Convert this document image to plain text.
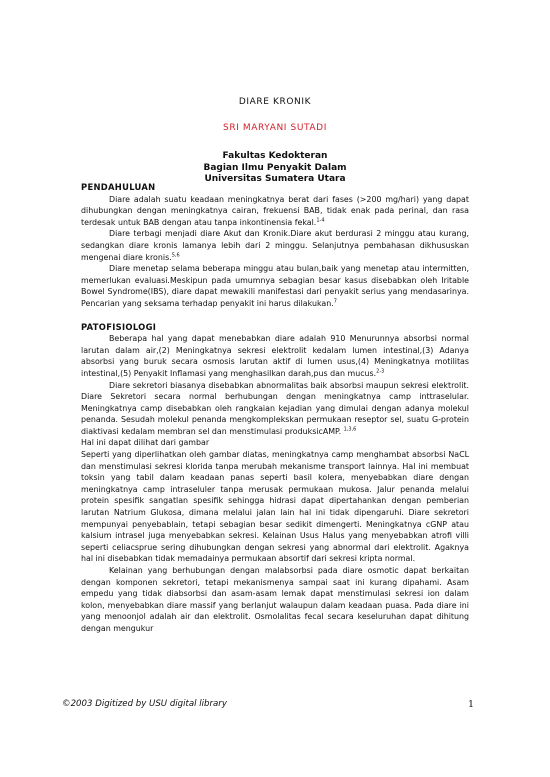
DIARE KRONIK
SRI MARYANI SUTADI
Fakultas Kedokteran
Bagian Ilmu Penyakit Dalam
Universitas Sumatera Utara

PENDAHULUAN

Diare adalah suatu keadaan meningkatnya berat dari fases (>200 mg/hari) yang dapat dihubungkan dengan meningkatnya cairan, frekuensi BAB, tidak enak pada perinal, dan rasa terdesak untuk BAB dengan atau tanpa inkontinensia fekal.$^{1-4}$

Diare terbagi menjadi diare Akut dan Kronik.Diare akut berdurasi 2 minggu atau kurang, sedangkan diare kronis lamanya lebih dari 2 minggu. Selanjutnya pembahasan dikhususkan mengenai diare kronis.$^{5,6}$

Diare menetap selama beberapa minggu atau bulan,baik yang menetap atau intermitten, memerlukan evaluasi.Meskipun pada umumnya sebagian besar kasus disebabkan oleh Iritable Bowel Syndrome(IBS), diare dapat mewakili manifestasi dari penyakit serius yang mendasarinya. Pencarian yang seksama terhadap penyakit ini harus dilakukan.$^7$

PATOFISIOLOGI

Beberapa hal yang dapat menebabkan diare adalah 910 Menurunnya absorbsi normal larutan dalam air,(2) Meningkatnya sekresi elektrolit kedalam lumen intestinal,(3) Adanya absorbsi yang buruk secara osmosis larutan aktif di lumen usus,(4) Meningkatnya motilitas intestinal,(5) Penyakit Inflamasi yang menghasilkan darah,pus dan mucus.$^{2-3}$

Diare sekretori biasanya disebabkan abnormalitas baik absorbsi maupun sekresi elektrolit. Diare Sekretori secara normal berhubungan dengan meningkatnya camp inttraselular. Meningkatnya camp disebabkan oleh rangkaian kejadian yang dimulai dengan adanya molekul penanda. Sesudah molekul penanda mengkomplekskan permukaan reseptor sel, suatu G-protein diaktivasi kedalam membran sel dan menstimulasi produksicAMP. $^{1,3,6}$

Hal ini dapat dilihat dari gambar

Seperti yang diperlihatkan oleh gambar diatas, meningkatnya camp menghambat absorbsi NaCL dan menstimulasi sekresi klorida tanpa merubah mekanisme transport lainnya. Hal ini membuat toksin yang tabil dalam keadaan panas seperti basil kolera, menyebabkan diare dengan meningkatnya camp intraseluler tanpa merusak permukaan mukosa. Jalur penanda melalui protein spesifik sangatlan spesifik sehingga hidrasi dapat dipertahankan dengan pemberian larutan Natrium Glukosa, dimana melalui jalan lain hal ini tidak dipengaruhi. Diare sekretori mempunyai penyebablain, tetapi sebagian besar sedikit dimengerti. Meningkatnya cGNP atau kalsium intrasel juga menyebabkan sekresi. Kelainan Usus Halus yang menyebabkan atrofi villi seperti celiacsprue sering dihubungkan dengan sekresi yang abnormal dari elektrolit. Agaknya hal ini disebabkan tidak memadainya permukaan absortif dari sekresi kripta normal.

Kelainan yang berhubungan dengan malabsorbsi pada diare osmotic dapat berkaitan dengan komponen sekretori, tetapi mekanismenya sampai saat ini kurang dipahami. Asam empedu yang tidak diabsorbsi dan asam-asam lemak dapat menstimulasi sekresi ion dalam kolon, menyebabkan diare massif yang berlanjut walaupun dalam keadaan puasa. Pada diare ini yang menoonjol adalah air dan elektrolit. Osmolalitas fecal secara keseluruhan dapat dihitung dengan mengukur

©2003 Digitized by USU digital library	1
